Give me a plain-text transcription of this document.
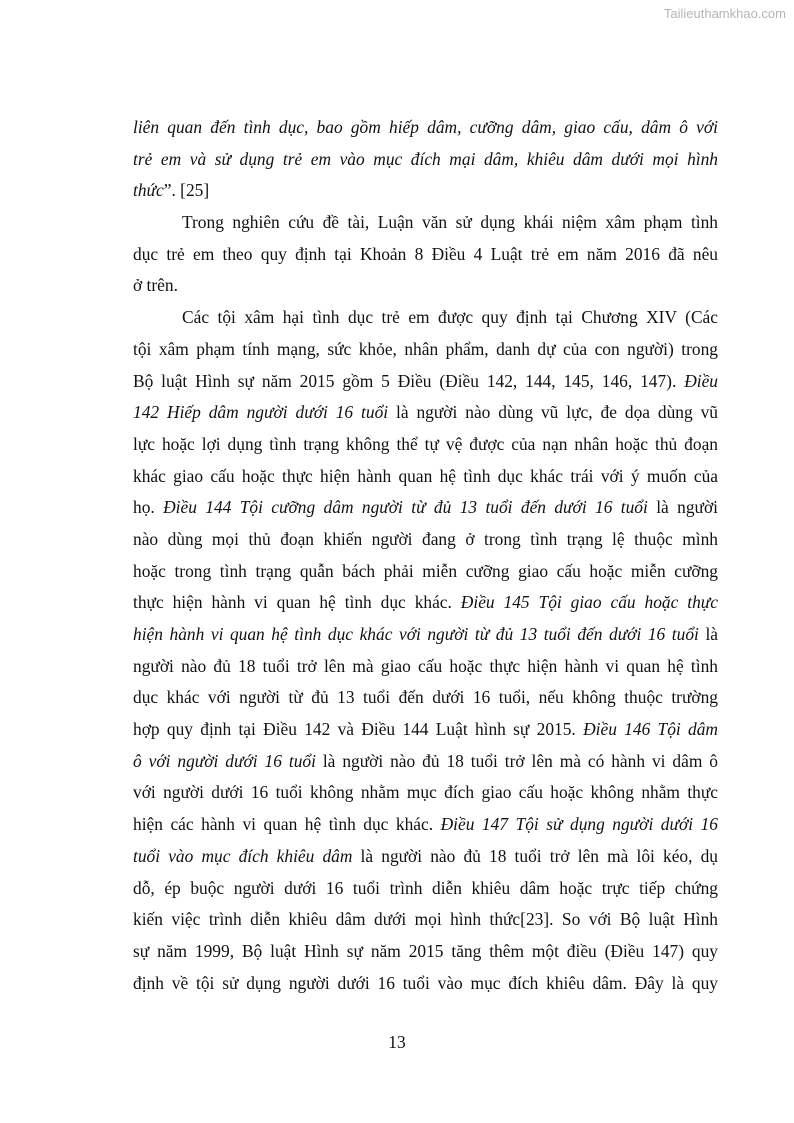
Tailieuthamkhao.com
liên quan đến tình dục, bao gồm hiếp dâm, cưỡng dâm, giao cấu, dâm ô với
trẻ em và sử dụng trẻ em vào mục đích mại dâm, khiêu dâm dưới mọi hình
thức”. [25]
Trong nghiên cứu đề tài, Luận văn sử dụng khái niệm xâm phạm tình
dục trẻ em theo quy định tại Khoản 8 Điều 4 Luật trẻ em năm 2016 đã nêu
ở trên.
Các tội xâm hại tình dục trẻ em được quy định tại Chương XIV (Các
tội xâm phạm tính mạng, sức khỏe, nhân phẩm, danh dự của con người) trong
Bộ luật Hình sự năm 2015 gồm 5 Điều (Điều 142, 144, 145, 146, 147). Điều
142 Hiếp dâm người dưới 16 tuổi là người nào dùng vũ lực, đe dọa dùng vũ
lực hoặc lợi dụng tình trạng không thể tự vệ được của nạn nhân hoặc thủ đoạn
khác giao cấu hoặc thực hiện hành quan hệ tình dục khác trái với ý muốn của
họ. Điều 144 Tội cưỡng dâm người từ đủ 13 tuổi đến dưới 16 tuổi là người
nào dùng mọi thủ đoạn khiến người đang ở trong tình trạng lệ thuộc mình
hoặc trong tình trạng quẫn bách phải miễn cưỡng giao cấu hoặc miễn cưỡng
thực hiện hành vi quan hệ tình dục khác. Điều 145 Tội giao cấu hoặc thực
hiện hành vi quan hệ tình dục khác với người từ đủ 13 tuổi đến dưới 16 tuổi là
người nào đủ 18 tuổi trở lên mà giao cấu hoặc thực hiện hành vi quan hệ tình
dục khác với người từ đủ 13 tuổi đến dưới 16 tuổi, nếu không thuộc trường
hợp quy định tại Điều 142 và Điều 144 Luật hình sự 2015. Điều 146 Tội dâm
ô với người dưới 16 tuổi là người nào đủ 18 tuổi trở lên mà có hành vi dâm ô
với người dưới 16 tuổi không nhằm mục đích giao cấu hoặc không nhằm thực
hiện các hành vi quan hệ tình dục khác. Điều 147 Tội sử dụng người dưới 16
tuổi vào mục đích khiêu dâm là người nào đủ 18 tuổi trở lên mà lôi kéo, dụ
dỗ, ép buộc người dưới 16 tuổi trình diễn khiêu dâm hoặc trực tiếp chứng
kiến việc trình diễn khiêu dâm dưới mọi hình thức[23]. So với Bộ luật Hình
sự năm 1999, Bộ luật Hình sự năm 2015 tăng thêm một điều (Điều 147) quy
định về tội sử dụng người dưới 16 tuổi vào mục đích khiêu dâm. Đây là quy
13
